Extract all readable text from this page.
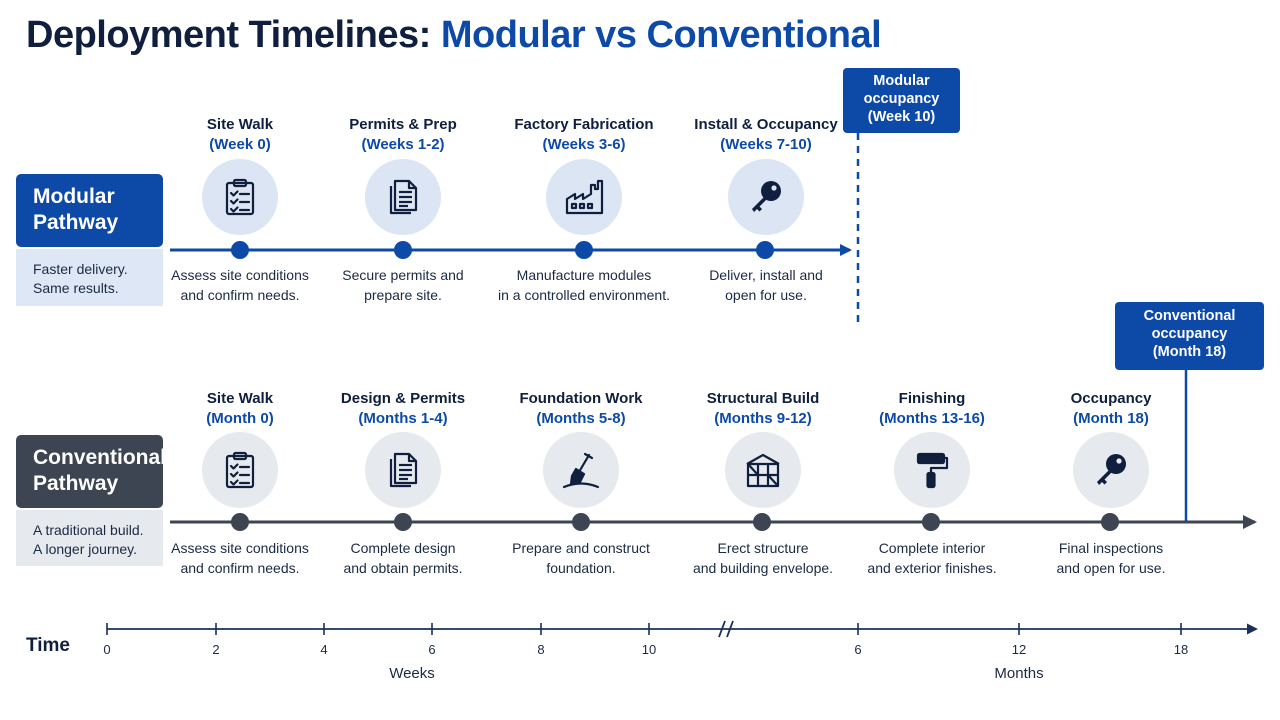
Deployment Timelines: Modular vs Conventional
Modular
Pathway
Faster delivery.
Same results.
Conventional
Pathway
A traditional build.
A longer journey.
Site Walk
(Week 0)
Assess site conditions
and confirm needs.
Permits & Prep
(Weeks 1-2)
Secure permits and
prepare site.
Factory Fabrication
(Weeks 3-6)
Manufacture modules
in a controlled environment.
Install & Occupancy
(Weeks 7-10)
Deliver, install and
open for use.
Modular
occupancy
(Week 10)
Conventional
occupancy
(Month 18)
Site Walk
(Month 0)
Assess site conditions
and confirm needs.
Design & Permits
(Months 1-4)
Complete design
and obtain permits.
Foundation Work
(Months 5-8)
Prepare and construct
foundation.
Structural Build
(Months 9-12)
Erect structure
and building envelope.
Finishing
(Months 13-16)
Complete interior
and exterior finishes.
Occupancy
(Month 18)
Final inspections
and open for use.
Time	0	2	4	6	8	10	6	12	18
Weeks	Months
